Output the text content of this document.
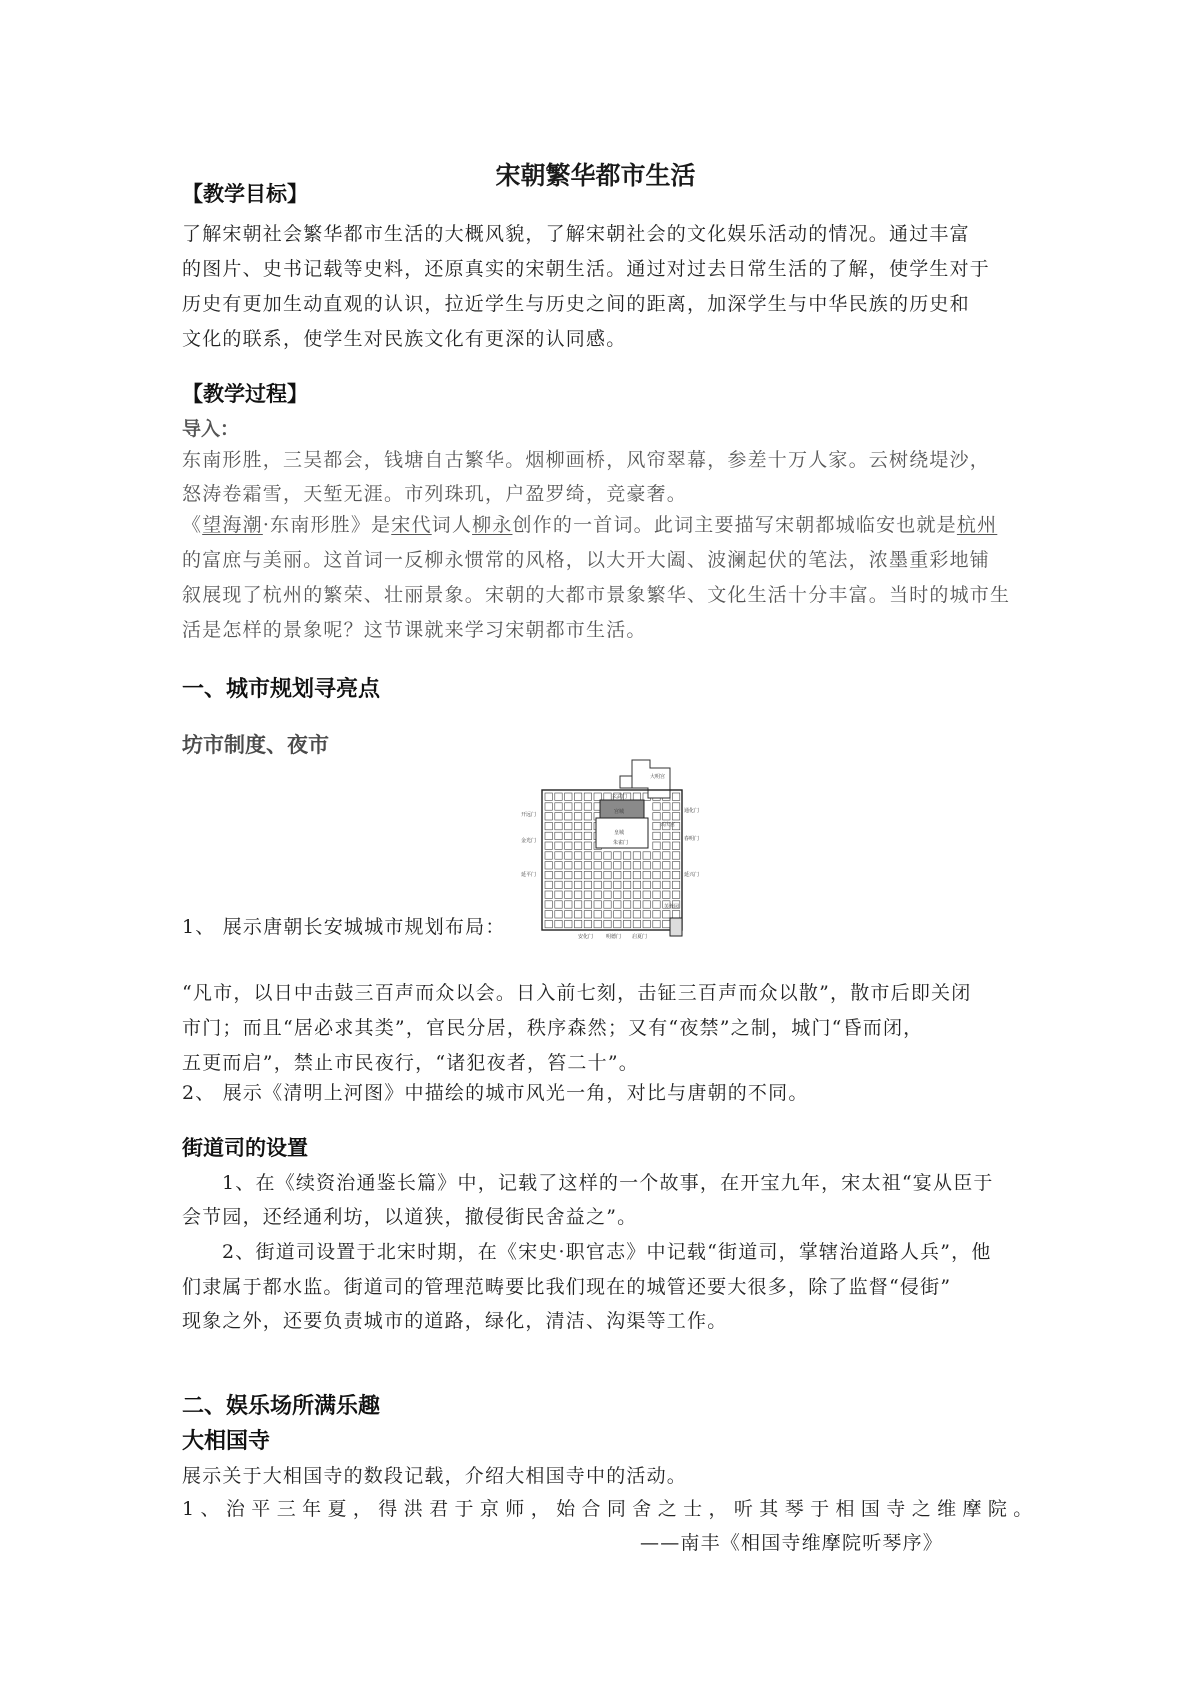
宋朝繁华都市生活
【教学目标】
了解宋朝社会繁华都市生活的大概风貌，了解宋朝社会的文化娱乐活动的情况。通过丰富
的图片、史书记载等史料，还原真实的宋朝生活。通过对过去日常生活的了解，使学生对于
历史有更加生动直观的认识，拉近学生与历史之间的距离，加深学生与中华民族的历史和
文化的联系，使学生对民族文化有更深的认同感。
【教学过程】
导入：
东南形胜，三吴都会，钱塘自古繁华。烟柳画桥，风帘翠幕，参差十万人家。云树绕堤沙，
怒涛卷霜雪，天堑无涯。市列珠玑，户盈罗绮，竞豪奢。
《望海潮·东南形胜》是宋代词人柳永创作的一首词。此词主要描写宋朝都城临安也就是杭州
的富庶与美丽。这首词一反柳永惯常的风格，以大开大阖、波澜起伏的笔法，浓墨重彩地铺
叙展现了杭州的繁荣、壮丽景象。宋朝的大都市景象繁华、文化生活十分丰富。当时的城市生
活是怎样的景象呢？这节课就来学习宋朝都市生活。
一、城市规划寻亮点
坊市制度、夜市
宫城
皇城
朱雀门
大明宫
玄武门
开远门
金光门
延平门
通化门
春明门
延兴门
兴庆宫
芙蓉园
安化门	明德门 启夏门
1、 展示唐朝长安城城市规划布局：
“凡市，以日中击鼓三百声而众以会。日入前七刻，击钲三百声而众以散”，散市后即关闭
市门；而且“居必求其类”，官民分居，秩序森然；又有“夜禁”之制，城门“昏而闭，
五更而启”，禁止市民夜行，“诸犯夜者，笞二十”。
2、 展示《清明上河图》中描绘的城市风光一角，对比与唐朝的不同。
街道司的设置
1、在《续资治通鉴长篇》中，记载了这样的一个故事，在开宝九年，宋太祖“宴从臣于
会节园，还经通利坊，以道狭，撤侵街民舍益之”。
2、街道司设置于北宋时期，在《宋史·职官志》中记载“街道司，掌辖治道路人兵”，他
们隶属于都水监。街道司的管理范畴要比我们现在的城管还要大很多，除了监督“侵街”
现象之外，还要负责城市的道路，绿化，清洁、沟渠等工作。
二、娱乐场所满乐趣
大相国寺
展示关于大相国寺的数段记载，介绍大相国寺中的活动。
1、治平三年夏，得洪君于京师，始合同舍之士，听其琴于相国寺之维摩院。
——南丰《相国寺维摩院听琴序》
